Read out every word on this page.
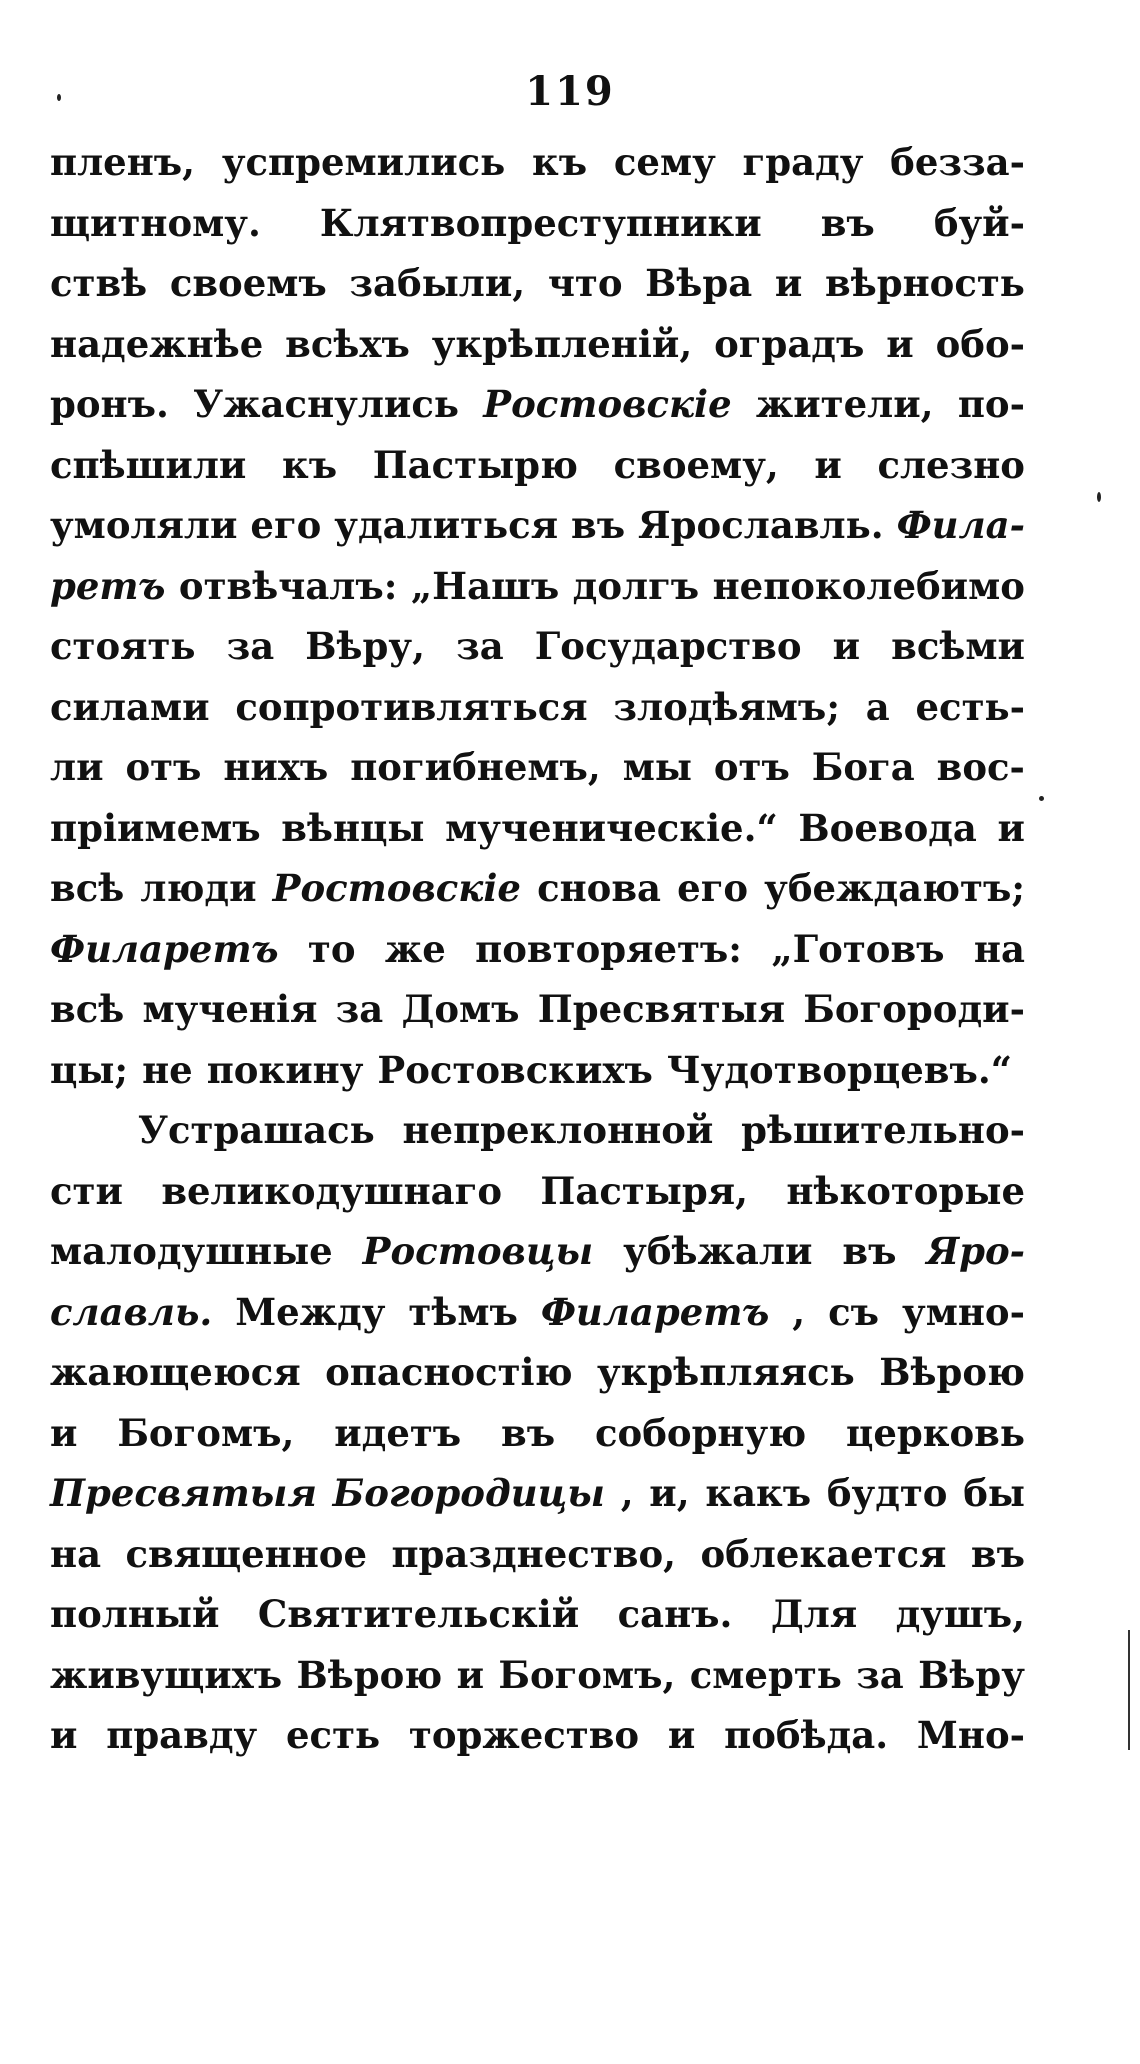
119
пленъ, успремились къ сему граду безза-
щитному. Клятвопреступники въ буй-
ствѣ своемъ забыли, что Вѣра и вѣрность
надежнѣе всѣхъ укрѣпленій, оградъ и обо-
ронъ. Ужаснулись Ростовскіе жители, по-
спѣшили къ Пастырю своему, и слезно
умоляли его удалиться въ Ярославль. Фила-
ретъ отвѣчалъ: „Нашъ долгъ непоколебимо
стоять за Вѣру, за Государство и всѣми
силами сопротивляться злодѣямъ; а есть-
ли отъ нихъ погибнемъ, мы отъ Бога вос-
пріимемъ вѣнцы мученическіе.“ Воевода и
всѣ люди Ростовскіе снова его убеждаютъ;
Филаретъ то же повторяетъ: „Готовъ на
всѣ мученія за Домъ Пресвятыя Богороди-
цы; не покину Ростовскихъ Чудотворцевъ.“
Устрашась непреклонной рѣшительно-
сти великодушнаго Пастыря, нѣкоторые
малодушные Ростовцы убѣжали въ Яро-
славль. Между тѣмъ Филаретъ , съ умно-
жающеюся опасностію укрѣпляясь Вѣрою
и Богомъ, идетъ въ соборную церковь
Пресвятыя Богородицы , и, какъ будто бы
на священное празднество, облекается въ
полный Святительскій санъ. Для душъ,
живущихъ Вѣрою и Богомъ, смерть за Вѣру
и правду есть торжество и побѣда. Мно-
